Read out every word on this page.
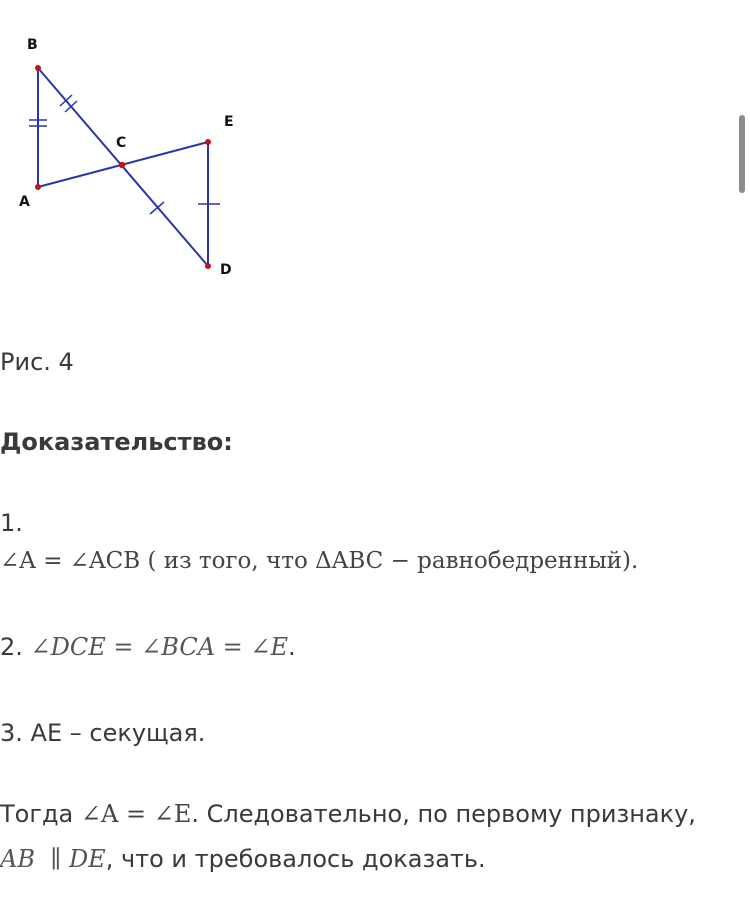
B
C
E
A
D
Рис. 4
Доказательство:
1.
∠A = ∠ACB ( из того, что ΔABC − равнобедренный).
2. ∠DCE = ∠BCA = ∠E.
3. AE – секущая.
Тогда ∠A = ∠E. Следовательно, по первому признаку,
AB  ∥ DE, что и требовалось доказать.
